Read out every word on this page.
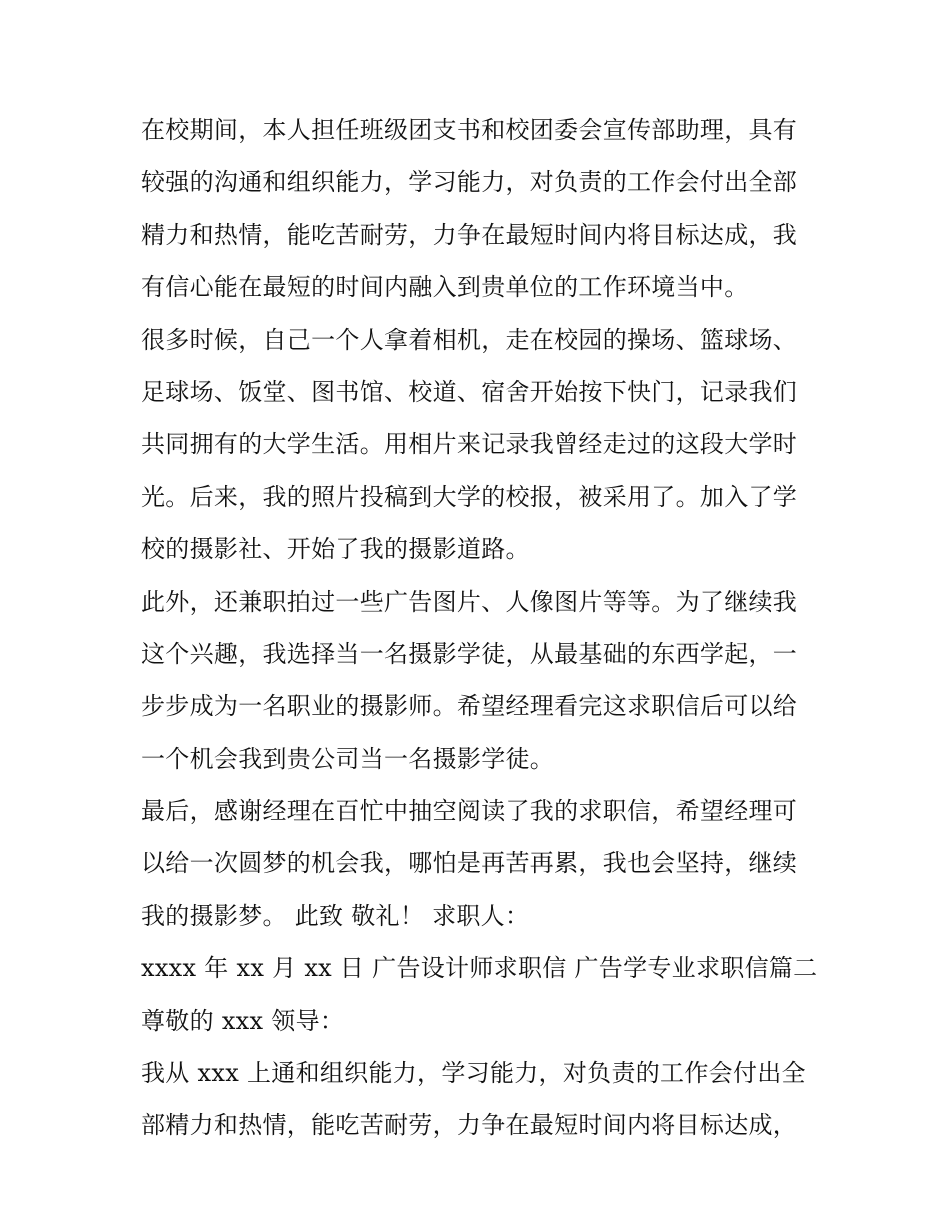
在校期间，本人担任班级团支书和校团委会宣传部助理，具有
较强的沟通和组织能力，学习能力，对负责的工作会付出全部
精力和热情，能吃苦耐劳，力争在最短时间内将目标达成，我
有信心能在最短的时间内融入到贵单位的工作环境当中。
很多时候，自己一个人拿着相机，走在校园的操场、篮球场、
足球场、饭堂、图书馆、校道、宿舍开始按下快门，记录我们
共同拥有的大学生活。用相片来记录我曾经走过的这段大学时
光。后来，我的照片投稿到大学的校报，被采用了。加入了学
校的摄影社、开始了我的摄影道路。
此外，还兼职拍过一些广告图片、人像图片等等。为了继续我
这个兴趣，我选择当一名摄影学徒，从最基础的东西学起，一
步步成为一名职业的摄影师。希望经理看完这求职信后可以给
一个机会我到贵公司当一名摄影学徒。
最后，感谢经理在百忙中抽空阅读了我的求职信，希望经理可
以给一次圆梦的机会我，哪怕是再苦再累，我也会坚持，继续
我的摄影梦。 此致 敬礼！ 求职人：
xxxx 年 xx 月 xx 日 广告设计师求职信 广告学专业求职信篇二
尊敬的 xxx 领导：
我从 xxx 上通和组织能力，学习能力，对负责的工作会付出全
部精力和热情，能吃苦耐劳，力争在最短时间内将目标达成，
